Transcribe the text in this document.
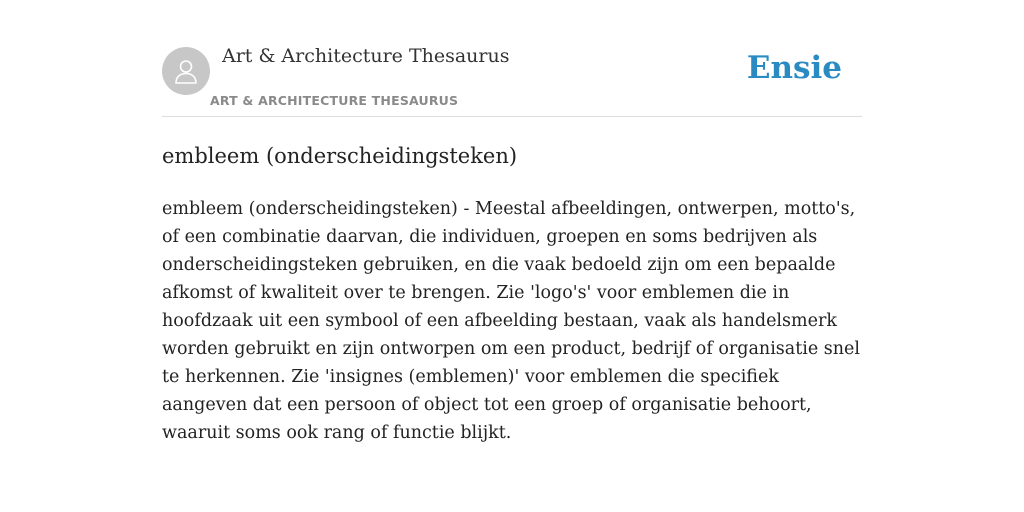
Art & Architecture Thesaurus
ART & ARCHITECTURE THESAURUS
Ensie
embleem (onderscheidingsteken)

embleem (onderscheidingsteken) - Meestal afbeeldingen, ontwerpen, motto's, of een combinatie daarvan, die individuen, groepen en soms bedrijven als onderscheidingsteken gebruiken, en die vaak bedoeld zijn om een bepaalde afkomst of kwaliteit over te brengen. Zie 'logo's' voor emblemen die in hoofdzaak uit een symbool of een afbeelding bestaan, vaak als handelsmerk worden gebruikt en zijn ontworpen om een product, bedrijf of organisatie snel te herkennen. Zie 'insignes (emblemen)' voor emblemen die specifiek aangeven dat een persoon of object tot een groep of organisatie behoort, waaruit soms ook rang of functie blijkt.
